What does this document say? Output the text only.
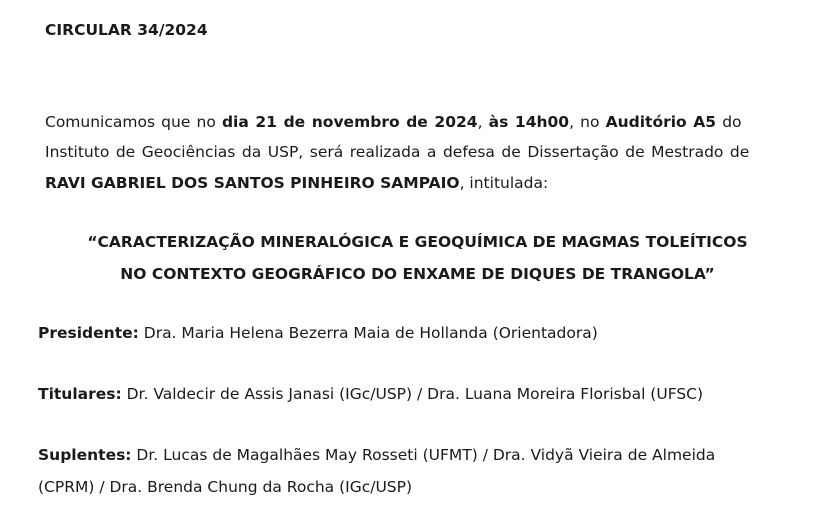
CIRCULAR 34/2024
Comunicamos que no dia 21 de novembro de 2024, às 14h00, no Auditório A5 do
Instituto de Geociências da USP, será realizada a defesa de Dissertação de Mestrado de
RAVI GABRIEL DOS SANTOS PINHEIRO SAMPAIO, intitulada:
“CARACTERIZAÇÃO MINERALÓGICA E GEOQUÍMICA DE MAGMAS TOLEÍTICOS
NO CONTEXTO GEOGRÁFICO DO ENXAME DE DIQUES DE TRANGOLA”
Presidente: Dra. Maria Helena Bezerra Maia de Hollanda (Orientadora)
Titulares: Dr. Valdecir de Assis Janasi (IGc/USP) / Dra. Luana Moreira Florisbal (UFSC)
Suplentes: Dr. Lucas de Magalhães May Rosseti (UFMT) / Dra. Vidyã Vieira de Almeida
(CPRM) / Dra. Brenda Chung da Rocha (IGc/USP)
